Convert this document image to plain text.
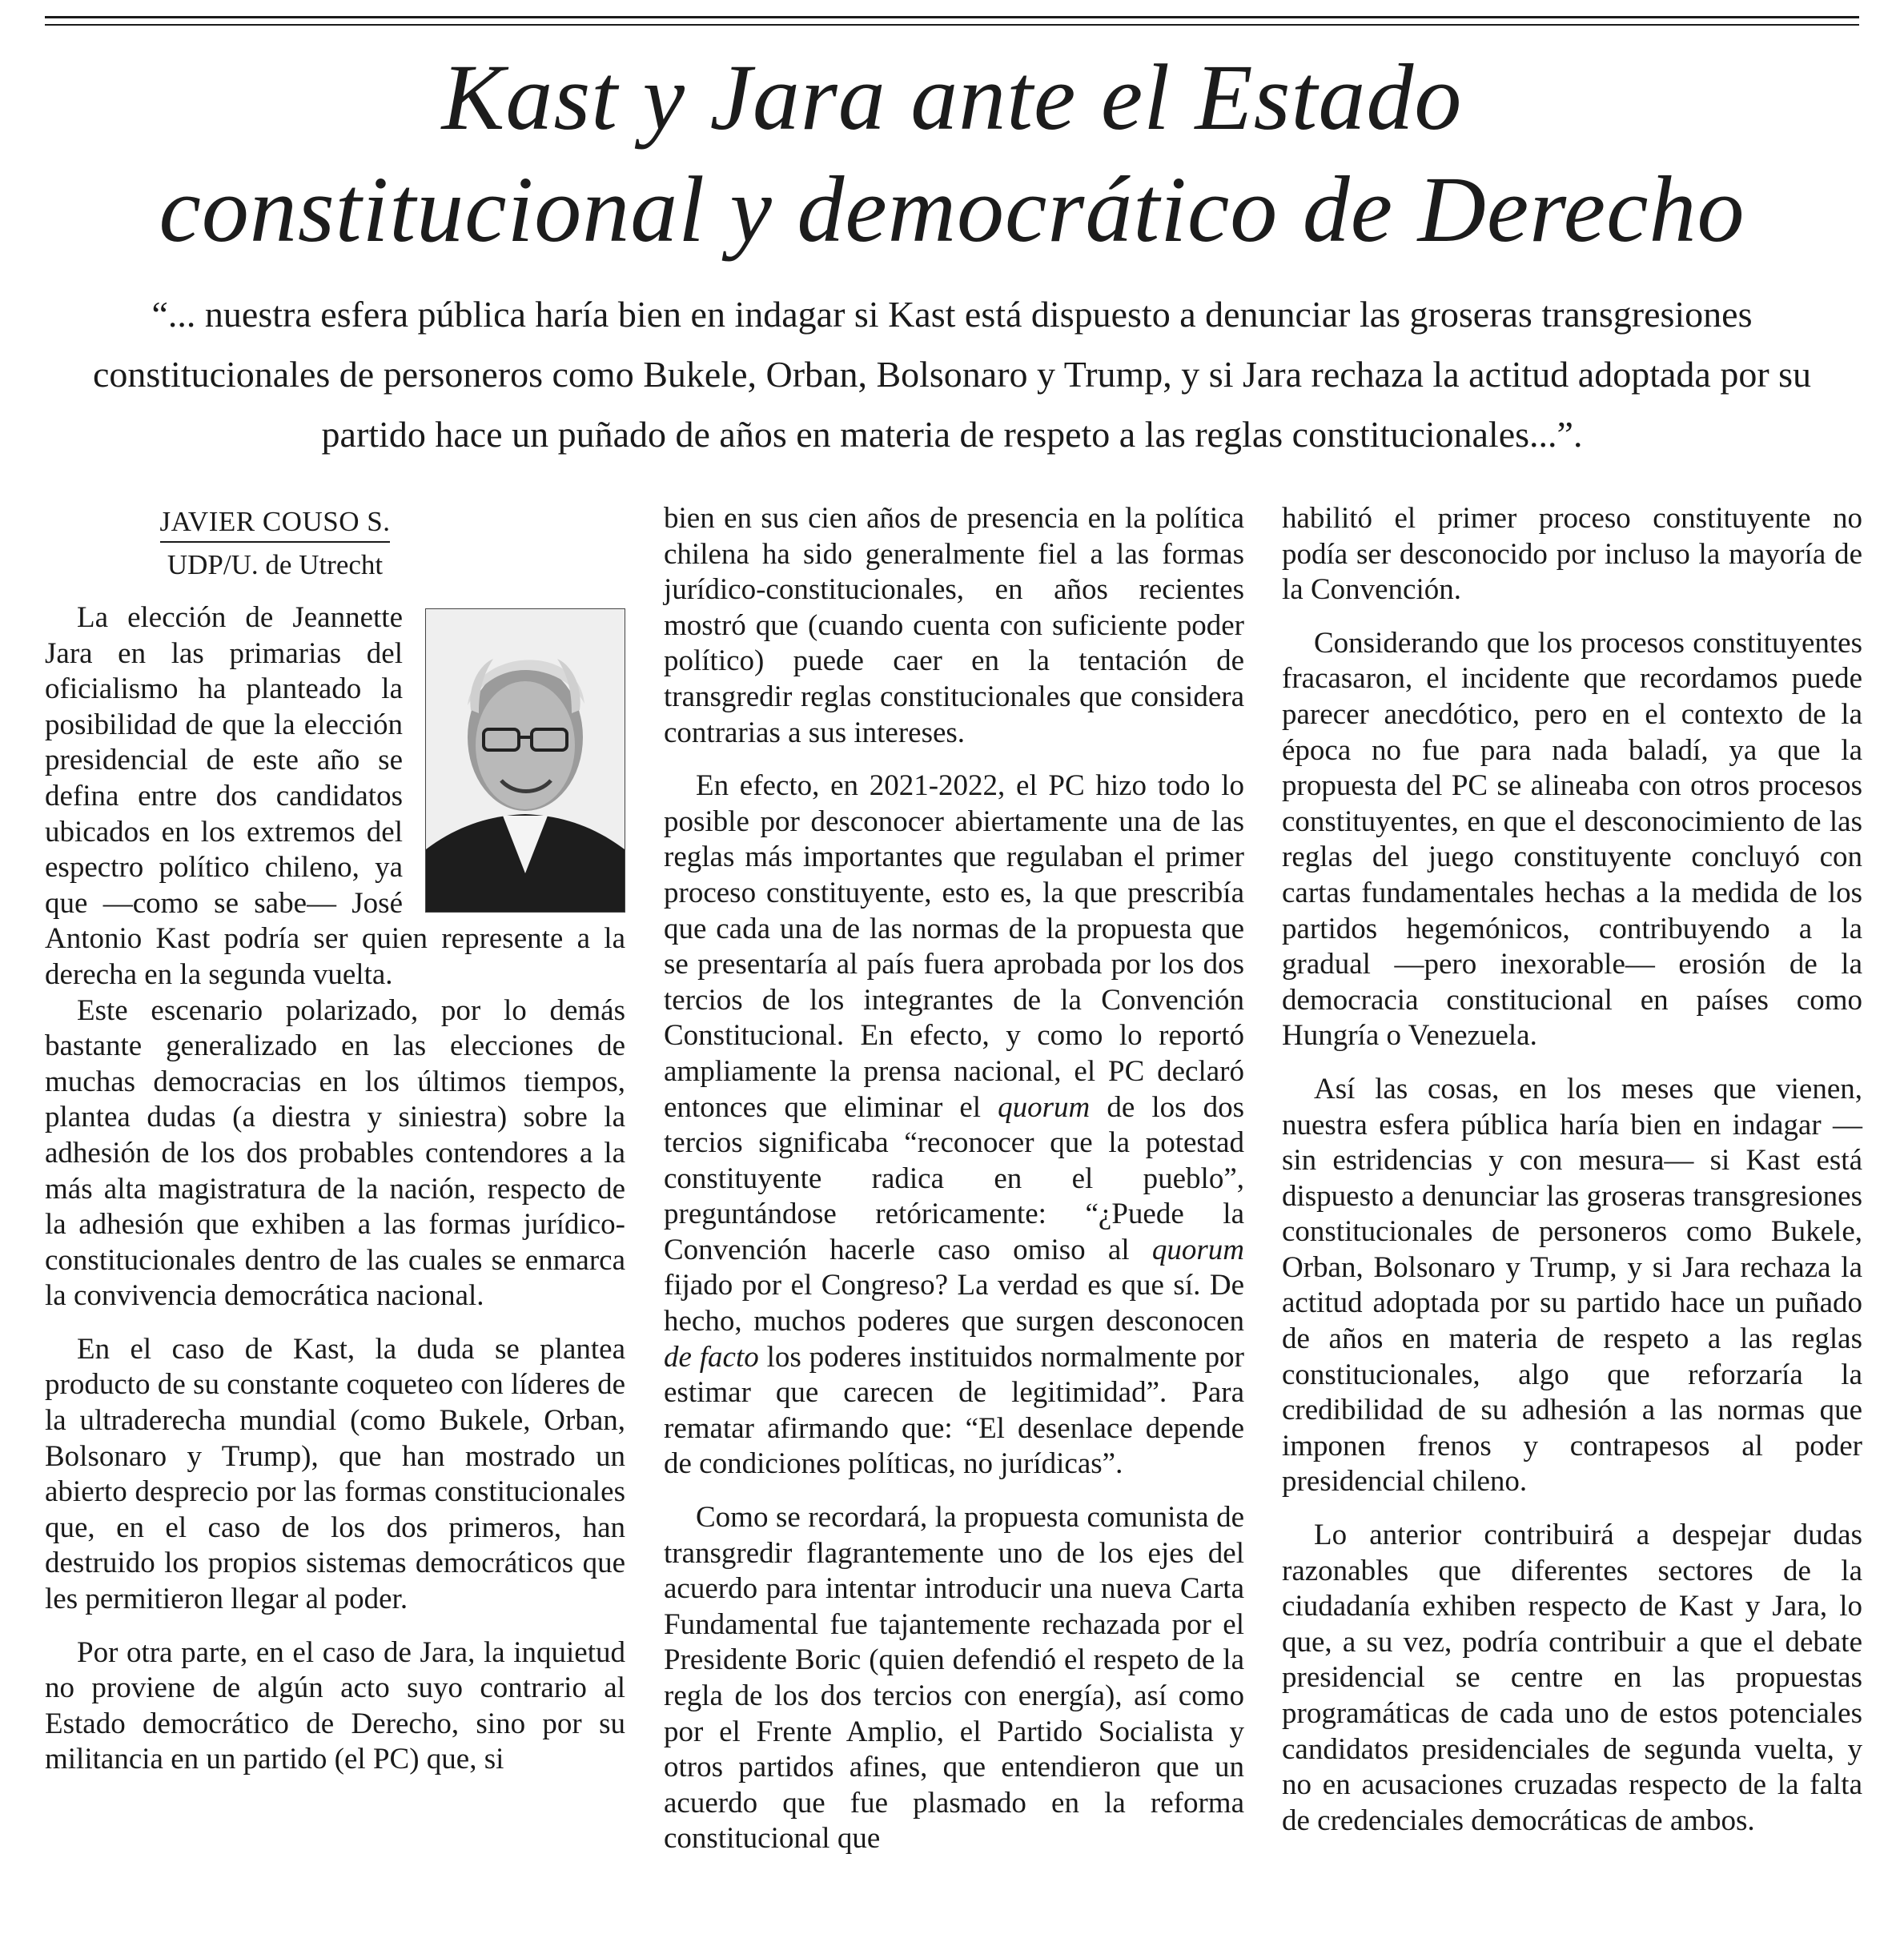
Kast y Jara ante el Estado
constitucional y democrático de Derecho
“... nuestra esfera pública haría bien en indagar si Kast está dispuesto a denunciar las groseras transgresiones constitucionales de personeros como Bukele, Orban, Bolsonaro y Trump, y si Jara rechaza la actitud adoptada por su partido hace un puñado de años en materia de respeto a las reglas constitucionales...”.
JAVIER COUSO S.
UDP/U. de Utrecht

La elección de Jeannette Jara en las primarias del oficialismo ha planteado la posibilidad de que la elección presidencial de este año se defina entre dos candidatos ubicados en los extremos del espectro político chileno, ya que —como se sabe— José Antonio Kast podría ser quien represente a la derecha en la segunda vuelta.

Este escenario polarizado, por lo demás bastante generalizado en las elecciones de muchas democracias en los últimos tiempos, plantea dudas (a diestra y siniestra) sobre la adhesión de los dos probables contendores a la más alta magistratura de la nación, respecto de la adhesión que exhiben a las formas jurídico-constitucionales dentro de las cuales se enmarca la convivencia democrática nacional.

En el caso de Kast, la duda se plantea producto de su constante coqueteo con líderes de la ultraderecha mundial (como Bukele, Orban, Bolsonaro y Trump), que han mostrado un abierto desprecio por las formas constitucionales que, en el caso de los dos primeros, han destruido los propios sistemas democráticos que les permitieron llegar al poder.

Por otra parte, en el caso de Jara, la inquietud no proviene de algún acto suyo contrario al Estado democrático de Derecho, sino por su militancia en un partido (el PC) que, si

bien en sus cien años de presencia en la política chilena ha sido generalmente fiel a las formas jurídico-constitucionales, en años recientes mostró que (cuando cuenta con suficiente poder político) puede caer en la tentación de transgredir reglas constitucionales que considera contrarias a sus intereses.

En efecto, en 2021-2022, el PC hizo todo lo posible por desconocer abiertamente una de las reglas más importantes que regulaban el primer proceso constituyente, esto es, la que prescribía que cada una de las normas de la propuesta que se presentaría al país fuera aprobada por los dos tercios de los integrantes de la Convención Constitucional. En efecto, y como lo reportó ampliamente la prensa nacional, el PC declaró entonces que eliminar el quorum de los dos tercios significaba “reconocer que la potestad constituyente radica en el pueblo”, preguntándose retóricamente: “¿Puede la Convención hacerle caso omiso al quorum fijado por el Congreso? La verdad es que sí. De hecho, muchos poderes que surgen desconocen de facto los poderes instituidos normalmente por estimar que carecen de legitimidad”. Para rematar afirmando que: “El desenlace depende de condiciones políticas, no jurídicas”.

Como se recordará, la propuesta comunista de transgredir flagrantemente uno de los ejes del acuerdo para intentar introducir una nueva Carta Fundamental fue tajantemente rechazada por el Presidente Boric (quien defendió el respeto de la regla de los dos tercios con energía), así como por el Frente Amplio, el Partido Socialista y otros partidos afines, que entendieron que un acuerdo que fue plasmado en la reforma constitucional que

habilitó el primer proceso constituyente no podía ser desconocido por incluso la mayoría de la Convención.

Considerando que los procesos constituyentes fracasaron, el incidente que recordamos puede parecer anecdótico, pero en el contexto de la época no fue para nada baladí, ya que la propuesta del PC se alineaba con otros procesos constituyentes, en que el desconocimiento de las reglas del juego constituyente concluyó con cartas fundamentales hechas a la medida de los partidos hegemónicos, contribuyendo a la gradual —pero inexorable— erosión de la democracia constitucional en países como Hungría o Venezuela.

Así las cosas, en los meses que vienen, nuestra esfera pública haría bien en indagar —sin estridencias y con mesura— si Kast está dispuesto a denunciar las groseras transgresiones constitucionales de personeros como Bukele, Orban, Bolsonaro y Trump, y si Jara rechaza la actitud adoptada por su partido hace un puñado de años en materia de respeto a las reglas constitucionales, algo que reforzaría la credibilidad de su adhesión a las normas que imponen frenos y contrapesos al poder presidencial chileno.

Lo anterior contribuirá a despejar dudas razonables que diferentes sectores de la ciudadanía exhiben respecto de Kast y Jara, lo que, a su vez, podría contribuir a que el debate presidencial se centre en las propuestas programáticas de cada uno de estos potenciales candidatos presidenciales de segunda vuelta, y no en acusaciones cruzadas respecto de la falta de credenciales democráticas de ambos.
